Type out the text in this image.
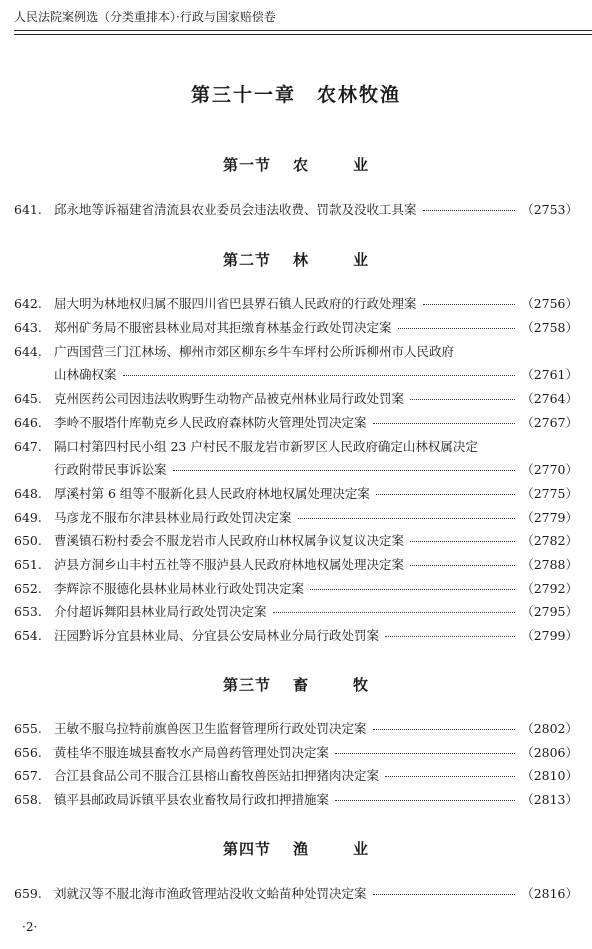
人民法院案例选（分类重排本）·行政与国家赔偿卷
第三十一章　农林牧渔
第一节 农	业
641. 邱永地等诉福建省清流县农业委员会违法收费、罚款及没收工具案	（2753）
第二节 林	业
642. 屈大明为林地权归属不服四川省巴县界石镇人民政府的行政处理案	（2756）
643. 郑州矿务局不服密县林业局对其拒缴育林基金行政处罚决定案	（2758）
644. 广西国营三门江林场、柳州市郊区柳东乡牛车坪村公所诉柳州市人民政府
山林确权案	（2761）
645. 克州医药公司因违法收购野生动物产品被克州林业局行政处罚案	（2764）
646. 李岭不服塔什库勒克乡人民政府森林防火管理处罚决定案	（2767）
647. 隔口村第四村民小组 23 户村民不服龙岩市新罗区人民政府确定山林权属决定
行政附带民事诉讼案	（2770）
648. 厚溪村第 6 组等不服新化县人民政府林地权属处理决定案	（2775）
649. 马彦龙不服布尔津县林业局行政处罚决定案	（2779）
650. 曹溪镇石粉村委会不服龙岩市人民政府山林权属争议复议决定案	（2782）
651. 泸县方洞乡山丰村五社等不服泸县人民政府林地权属处理决定案	（2788）
652. 李辉淙不服德化县林业局林业行政处罚决定案	（2792）
653. 介付超诉舞阳县林业局行政处罚决定案	（2795）
654. 汪园黔诉分宜县林业局、分宜县公安局林业分局行政处罚案	（2799）
第三节 畜	牧
655. 王敏不服乌拉特前旗兽医卫生监督管理所行政处罚决定案	（2802）
656. 黄桂华不服连城县畜牧水产局兽药管理处罚决定案	（2806）
657. 合江县食品公司不服合江县榕山畜牧兽医站扣押猪肉决定案	（2810）
658. 镇平县邮政局诉镇平县农业畜牧局行政扣押措施案	（2813）
第四节 渔	业
659. 刘就汉等不服北海市渔政管理站没收文蛤苗种处罚决定案	（2816）
·2·
